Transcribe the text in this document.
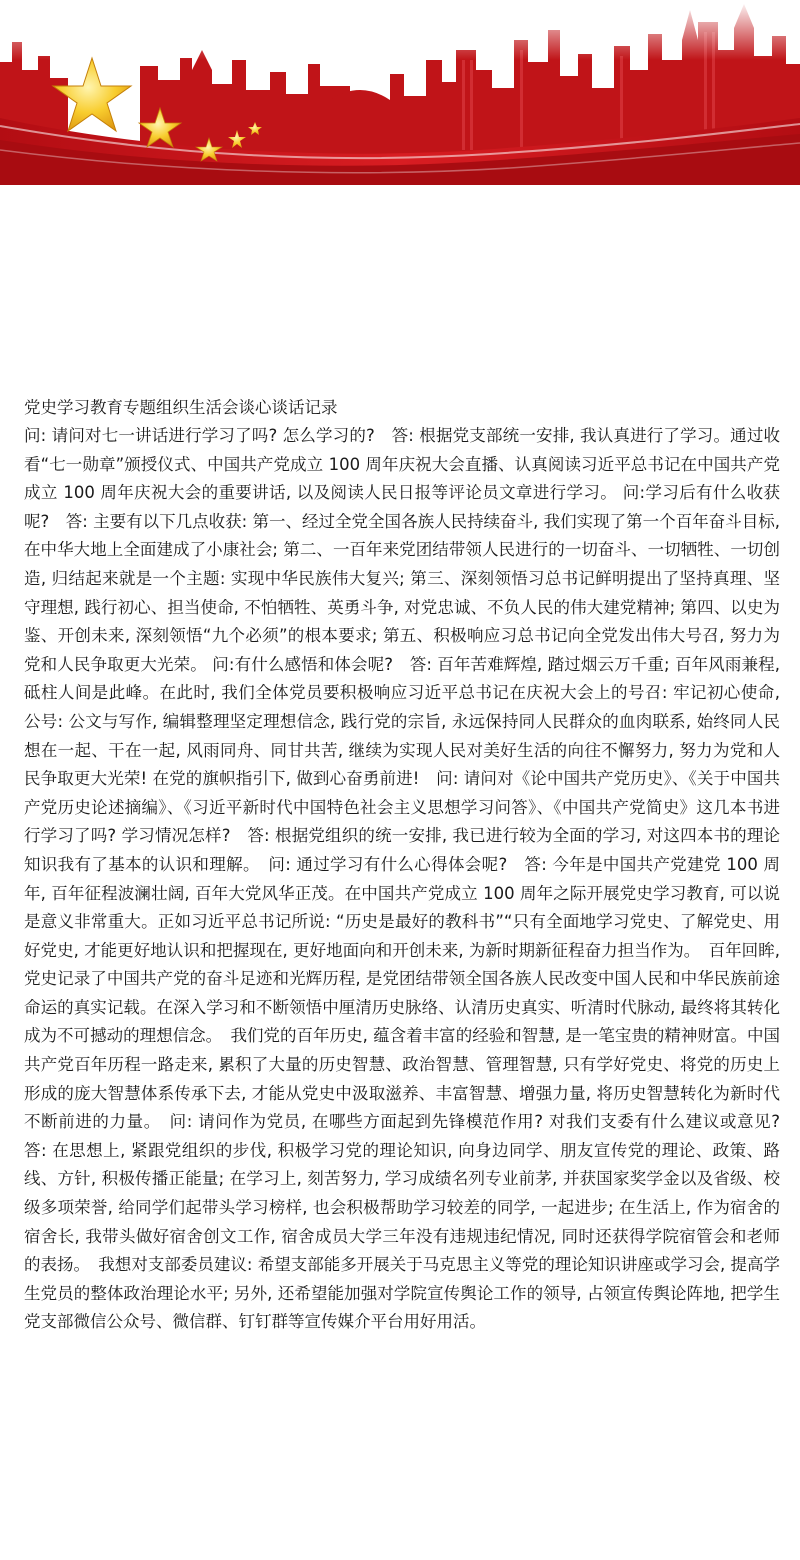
党史学习教育专题组织生活会谈心谈话记录

问: 请问对七一讲话进行学习了吗? 怎么学习的?　答: 根据党支部统一安排, 我认真进行了学习。通过收看“七一勋章”颁授仪式、中国共产党成立 100 周年庆祝大会直播、认真阅读习近平总书记在中国共产党成立 100 周年庆祝大会的重要讲话, 以及阅读人民日报等评论员文章进行学习。 问:学习后有什么收获呢?　答: 主要有以下几点收获: 第一、经过全党全国各族人民持续奋斗, 我们实现了第一个百年奋斗目标, 在中华大地上全面建成了小康社会; 第二、一百年来党团结带领人民进行的一切奋斗、一切牺牲、一切创造, 归结起来就是一个主题: 实现中华民族伟大复兴; 第三、深刻领悟习总书记鲜明提出了坚持真理、坚守理想, 践行初心、担当使命, 不怕牺牲、英勇斗争, 对党忠诚、不负人民的伟大建党精神; 第四、以史为鉴、开创未来, 深刻领悟“九个必须”的根本要求; 第五、积极响应习总书记向全党发出伟大号召, 努力为党和人民争取更大光荣。 问:有什么感悟和体会呢?　答: 百年苦难辉煌, 踏过烟云万千重; 百年风雨兼程, 砥柱人间是此峰。在此时, 我们全体党员要积极响应习近平总书记在庆祝大会上的号召: 牢记初心使命, 公号: 公文与写作, 编辑整理坚定理想信念, 践行党的宗旨, 永远保持同人民群众的血肉联系, 始终同人民想在一起、干在一起, 风雨同舟、同甘共苦, 继续为实现人民对美好生活的向往不懈努力, 努力为党和人民争取更大光荣! 在党的旗帜指引下, 做到心奋勇前进!　问: 请问对《论中国共产党历史》、《关于中国共产党历史论述摘编》、《习近平新时代中国特色社会主义思想学习问答》、《中国共产党简史》这几本书进行学习了吗? 学习情况怎样?　答: 根据党组织的统一安排, 我已进行较为全面的学习, 对这四本书的理论知识我有了基本的认识和理解。　问: 通过学习有什么心得体会呢?　答: 今年是中国共产党建党 100 周年, 百年征程波澜壮阔, 百年大党风华正茂。在中国共产党成立 100 周年之际开展党史学习教育, 可以说是意义非常重大。正如习近平总书记所说: “历史是最好的教科书”“只有全面地学习党史、了解党史、用好党史, 才能更好地认识和把握现在, 更好地面向和开创未来, 为新时期新征程奋力担当作为。　百年回眸, 党史记录了中国共产党的奋斗足迹和光辉历程, 是党团结带领全国各族人民改变中国人民和中华民族前途命运的真实记载。在深入学习和不断领悟中厘清历史脉络、认清历史真实、听清时代脉动, 最终将其转化成为不可撼动的理想信念。　我们党的百年历史, 蕴含着丰富的经验和智慧, 是一笔宝贵的精神财富。中国共产党百年历程一路走来, 累积了大量的历史智慧、政治智慧、管理智慧, 只有学好党史、将党的历史上形成的庞大智慧体系传承下去, 才能从党史中汲取滋养、丰富智慧、增强力量, 将历史智慧转化为新时代不断前进的力量。　问: 请问作为党员, 在哪些方面起到先锋模范作用? 对我们支委有什么建议或意见?　答: 在思想上, 紧跟党组织的步伐, 积极学习党的理论知识, 向身边同学、朋友宣传党的理论、政策、路线、方针, 积极传播正能量; 在学习上, 刻苦努力, 学习成绩名列专业前茅, 并获国家奖学金以及省级、校级多项荣誉, 给同学们起带头学习榜样, 也会积极帮助学习较差的同学, 一起进步; 在生活上, 作为宿舍的宿舍长, 我带头做好宿舍创文工作, 宿舍成员大学三年没有违规违纪情况, 同时还获得学院宿管会和老师的表扬。　我想对支部委员建议: 希望支部能多开展关于马克思主义等党的理论知识讲座或学习会, 提高学生党员的整体政治理论水平; 另外, 还希望能加强对学院宣传舆论工作的领导, 占领宣传舆论阵地, 把学生党支部微信公众号、微信群、钉钉群等宣传媒介平台用好用活。
